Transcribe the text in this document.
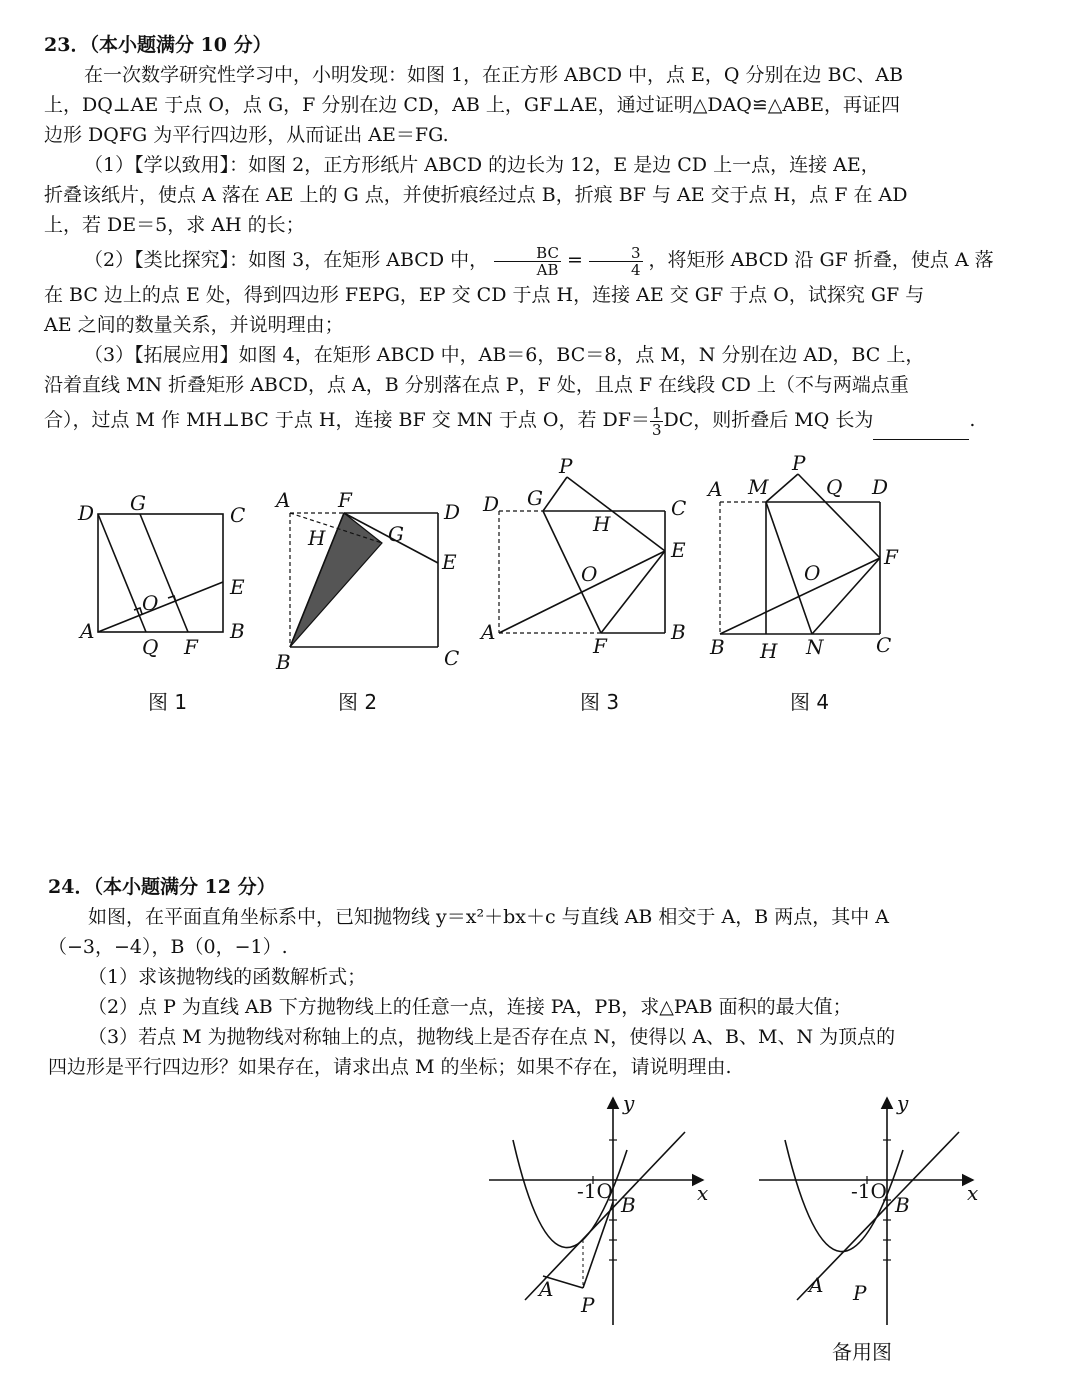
23．（本小题满分 10 分）

在一次数学研究性学习中，小明发现：如图 1，在正方形 ABCD 中，点 E，Q 分别在边 BC、AB

上，DQ⊥AE 于点 O，点 G，F 分别在边 CD，AB 上，GF⊥AE，通过证明△DAQ≌△ABE，再证四

边形 DQFG 为平行四边形，从而证出 AE＝FG.

（1）【学以致用】：如图 2，正方形纸片 ABCD 的边长为 12，E 是边 CD 上一点，连接 AE，

折叠该纸片，使点 A 落在 AE 上的 G 点，并使折痕经过点 B，折痕 BF 与 AE 交于点 H，点 F 在 AD

上，若 DE＝5，求 AH 的长；

（2）【类比探究】：如图 3，在矩形 ABCD 中， $\frac{BC}{AB} = \frac{3}{4}$ ，将矩形 ABCD 沿 GF 折叠，使点 A 落

在 BC 边上的点 E 处，得到四边形 FEPG，EP 交 CD 于点 H，连接 AE 交 GF 于点 O，试探究 GF 与

AE 之间的数量关系，并说明理由；

（3）【拓展应用】如图 4，在矩形 ABCD 中，AB＝6，BC＝8，点 M，N 分别在边 AD，BC 上，

沿着直线 MN 折叠矩形 ABCD，点 A，B 分别落在点 P，F 处，且点 F 在线段 CD 上（不与两端点重

合），过点 M 作 MH⊥BC 于点 H，连接 BF 交 MN 于点 O，若 $DF= \frac{1}{3}$ DC，则折叠后 MQ 长为	.

D G	C
E
O
A
Q F
B
A F	D
H	G
E
B	C
P
D G	C
H
E
O
A
F
B
A M
P
Q D
O
F
B H N	C
图 1	图 2	图 3	图 4

24．（本小题满分 12 分）

如图，在平面直角坐标系中，已知抛物线 y＝x²＋bx＋c 与直线 AB 相交于 A，B 两点，其中 A

（−3，−4），B（0，−1）.

（1）求该抛物线的函数解析式；

（2）点 P 为直线 AB 下方抛物线上的任意一点，连接 PA，PB，求△PAB 面积的最大值；

（3）若点 M 为抛物线对称轴上的点，抛物线上是否存在点 N，使得以 A、B、M、N 为顶点的

四边形是平行四边形？如果存在，请求出点 M 的坐标；如果不存在，请说明理由.

y
x
-1O
B
A
P
y
x
-1O
B
A P
备用图
